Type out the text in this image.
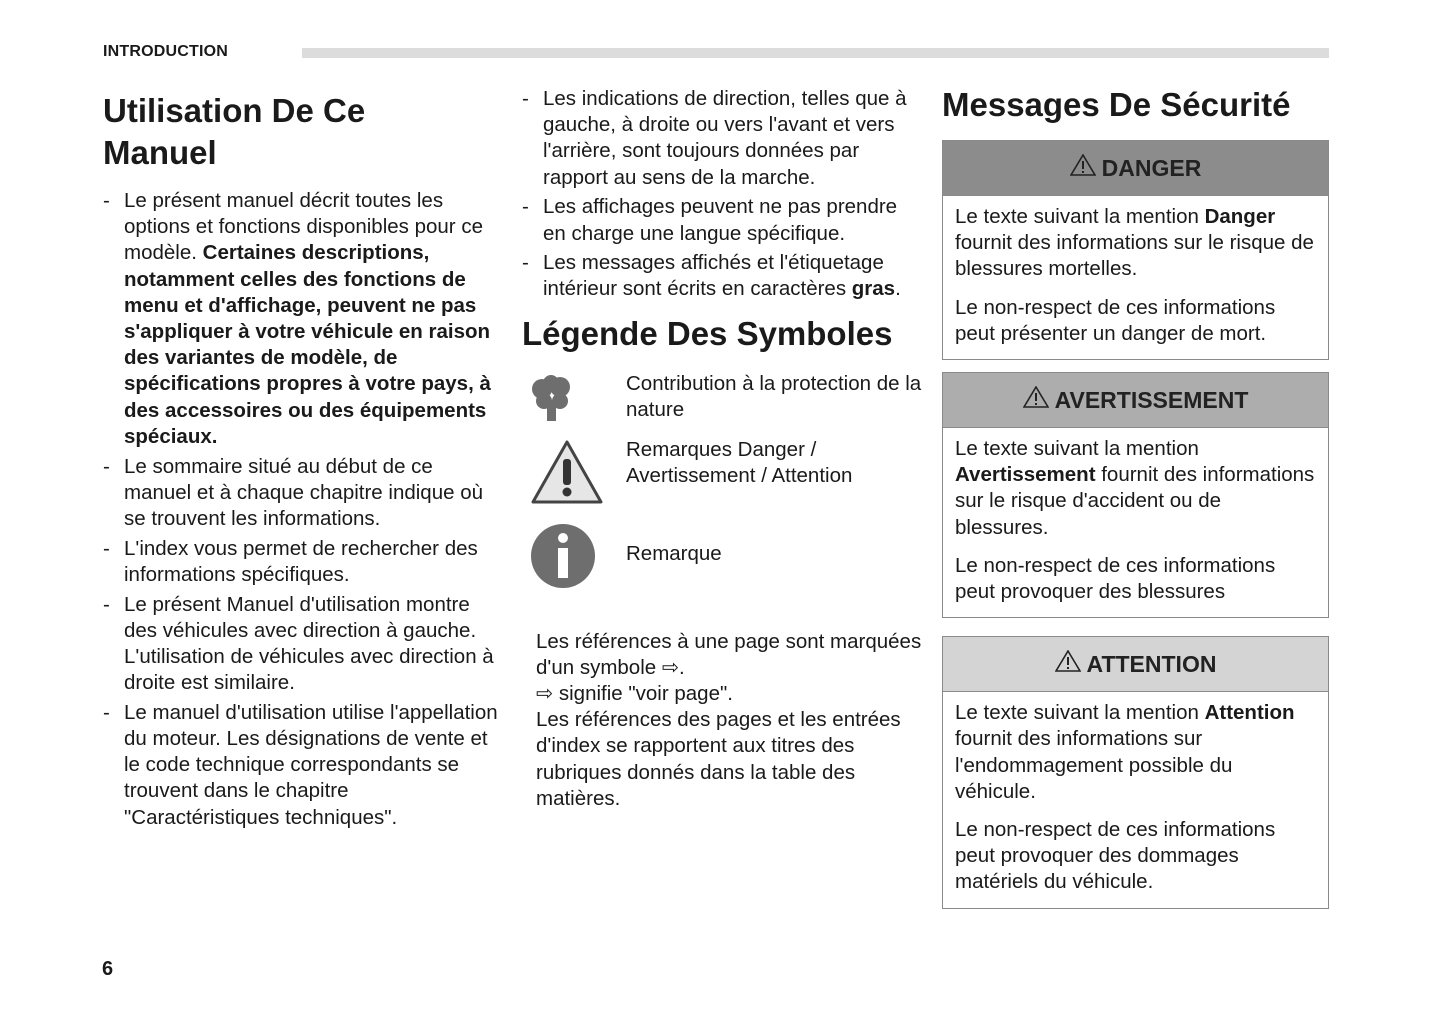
INTRODUCTION
Utilisation De Ce
Manuel
- Le présent manuel décrit toutes les options et fonctions disponibles pour ce modèle. Certaines descriptions, notamment celles des fonctions de menu et d'affichage, peuvent ne pas s'appliquer à votre véhicule en raison des variantes de modèle, de spécifications propres à votre pays, à des accessoires ou des équipements spéciaux.
- Le sommaire situé au début de ce manuel et à chaque chapitre indique où se trouvent les informations.
- L'index vous permet de rechercher des informations spécifiques.
- Le présent Manuel d'utilisation montre des véhicules avec direction à gauche. L'utilisation de véhicules avec direction à droite est similaire.
- Le manuel d'utilisation utilise l'appellation du moteur. Les désignations de vente et le code technique correspondants se trouvent dans le chapitre "Caractéristiques techniques".
- Les indications de direction, telles que à gauche, à droite ou vers l'avant et vers l'arrière, sont toujours données par rapport au sens de la marche.
- Les affichages peuvent ne pas prendre en charge une langue spécifique.
- Les messages affichés et l'étiquetage intérieur sont écrits en caractères gras.
Légende Des Symboles
Contribution à la protection de la nature
Remarques Danger / Avertissement / Attention
Remarque
Les références à une page sont marquées d'un symbole ⇨.
⇨ signifie "voir page".
Les références des pages et les entrées d'index se rapportent aux titres des rubriques donnés dans la table des matières.
Messages De Sécurité
DANGER

Le texte suivant la mention Danger fournit des informations sur le risque de blessures mortelles.

Le non-respect de ces informations peut présenter un danger de mort.

AVERTISSEMENT

Le texte suivant la mention Avertissement fournit des informations sur le risque d'accident ou de blessures.

Le non-respect de ces informations peut provoquer des blessures

ATTENTION

Le texte suivant la mention Attention fournit des informations sur l'endommagement possible du véhicule.

Le non-respect de ces informations peut provoquer des dommages matériels du véhicule.

6
